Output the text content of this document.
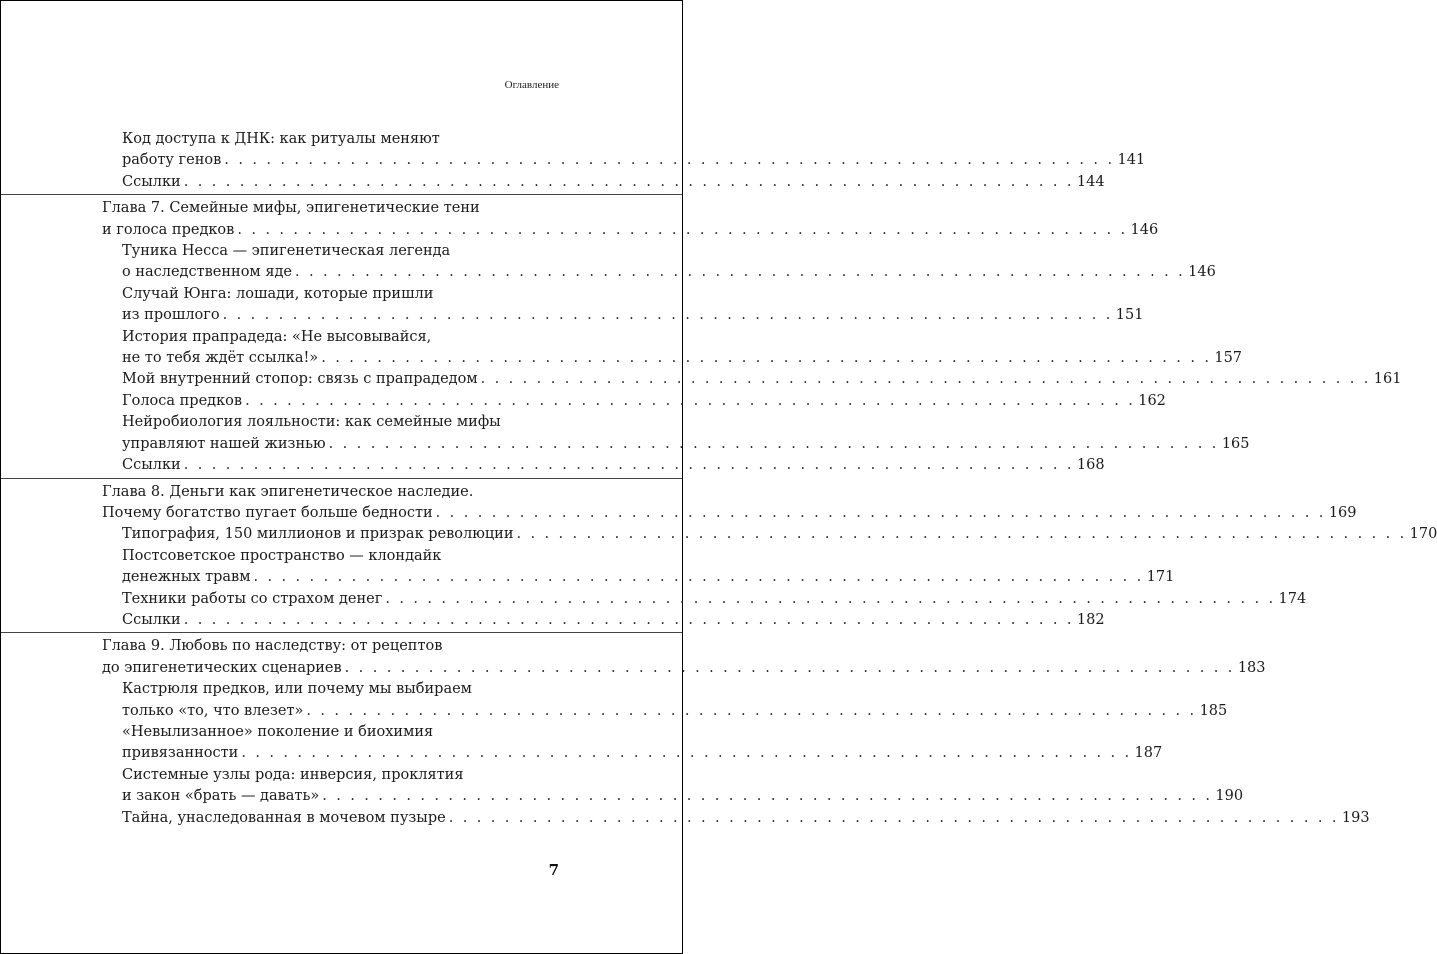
Оглавление
Код доступа к ДНК: как ритуалы меняют
работу генов . . . . . . . . . . . . . . . . . . . . . . . . . . . . . . . . . . . . . . . . . . . . . . . . . . . . . . . . . . . . . . . . 141
Ссылки . . . . . . . . . . . . . . . . . . . . . . . . . . . . . . . . . . . . . . . . . . . . . . . . . . . . . . . . . . . . . . . . 144
Глава 7. Семейные мифы, эпигенетические тени
и голоса предков . . . . . . . . . . . . . . . . . . . . . . . . . . . . . . . . . . . . . . . . . . . . . . . . . . . . . . . . . . . . . . . . 146
Туника Несса — эпигенетическая легенда
о наследственном яде . . . . . . . . . . . . . . . . . . . . . . . . . . . . . . . . . . . . . . . . . . . . . . . . . . . . . . . . . . . . . . . . 146
Случай Юнга: лошади, которые пришли
из прошлого . . . . . . . . . . . . . . . . . . . . . . . . . . . . . . . . . . . . . . . . . . . . . . . . . . . . . . . . . . . . . . . . 151
История прапрадеда: «Не высовывайся,
не то тебя ждёт ссылка!» . . . . . . . . . . . . . . . . . . . . . . . . . . . . . . . . . . . . . . . . . . . . . . . . . . . . . . . . . . . . . . . . 157
Мой внутренний стопор: связь с прапрадедом . . . . . . . . . . . . . . . . . . . . . . . . . . . . . . . . . . . . . . . . . . . . . . . . . . . . . . . . . . . . . . . . 161
Голоса предков . . . . . . . . . . . . . . . . . . . . . . . . . . . . . . . . . . . . . . . . . . . . . . . . . . . . . . . . . . . . . . . . 162
Нейробиология лояльности: как семейные мифы
управляют нашей жизнью . . . . . . . . . . . . . . . . . . . . . . . . . . . . . . . . . . . . . . . . . . . . . . . . . . . . . . . . . . . . . . . . 165
Ссылки . . . . . . . . . . . . . . . . . . . . . . . . . . . . . . . . . . . . . . . . . . . . . . . . . . . . . . . . . . . . . . . . 168
Глава 8. Деньги как эпигенетическое наследие.
Почему богатство пугает больше бедности . . . . . . . . . . . . . . . . . . . . . . . . . . . . . . . . . . . . . . . . . . . . . . . . . . . . . . . . . . . . . . . . 169
Типография, 150 миллионов и призрак революции . . . . . . . . . . . . . . . . . . . . . . . . . . . . . . . . . . . . . . . . . . . . . . . . . . . . . . . . . . . . . . . . 170
Постсоветское пространство — клондайк
денежных травм . . . . . . . . . . . . . . . . . . . . . . . . . . . . . . . . . . . . . . . . . . . . . . . . . . . . . . . . . . . . . . . . 171
Техники работы со страхом денег . . . . . . . . . . . . . . . . . . . . . . . . . . . . . . . . . . . . . . . . . . . . . . . . . . . . . . . . . . . . . . . . 174
Ссылки . . . . . . . . . . . . . . . . . . . . . . . . . . . . . . . . . . . . . . . . . . . . . . . . . . . . . . . . . . . . . . . . 182
Глава 9. Любовь по наследству: от рецептов
до эпигенетических сценариев . . . . . . . . . . . . . . . . . . . . . . . . . . . . . . . . . . . . . . . . . . . . . . . . . . . . . . . . . . . . . . . . 183
Кастрюля предков, или почему мы выбираем
только «то, что влезет» . . . . . . . . . . . . . . . . . . . . . . . . . . . . . . . . . . . . . . . . . . . . . . . . . . . . . . . . . . . . . . . . 185
«Невылизанное» поколение и биохимия
привязанности . . . . . . . . . . . . . . . . . . . . . . . . . . . . . . . . . . . . . . . . . . . . . . . . . . . . . . . . . . . . . . . . 187
Системные узлы рода: инверсия, проклятия
и закон «брать — давать» . . . . . . . . . . . . . . . . . . . . . . . . . . . . . . . . . . . . . . . . . . . . . . . . . . . . . . . . . . . . . . . . 190
Тайна, унаследованная в мочевом пузыре . . . . . . . . . . . . . . . . . . . . . . . . . . . . . . . . . . . . . . . . . . . . . . . . . . . . . . . . . . . . . . . . 193
7
